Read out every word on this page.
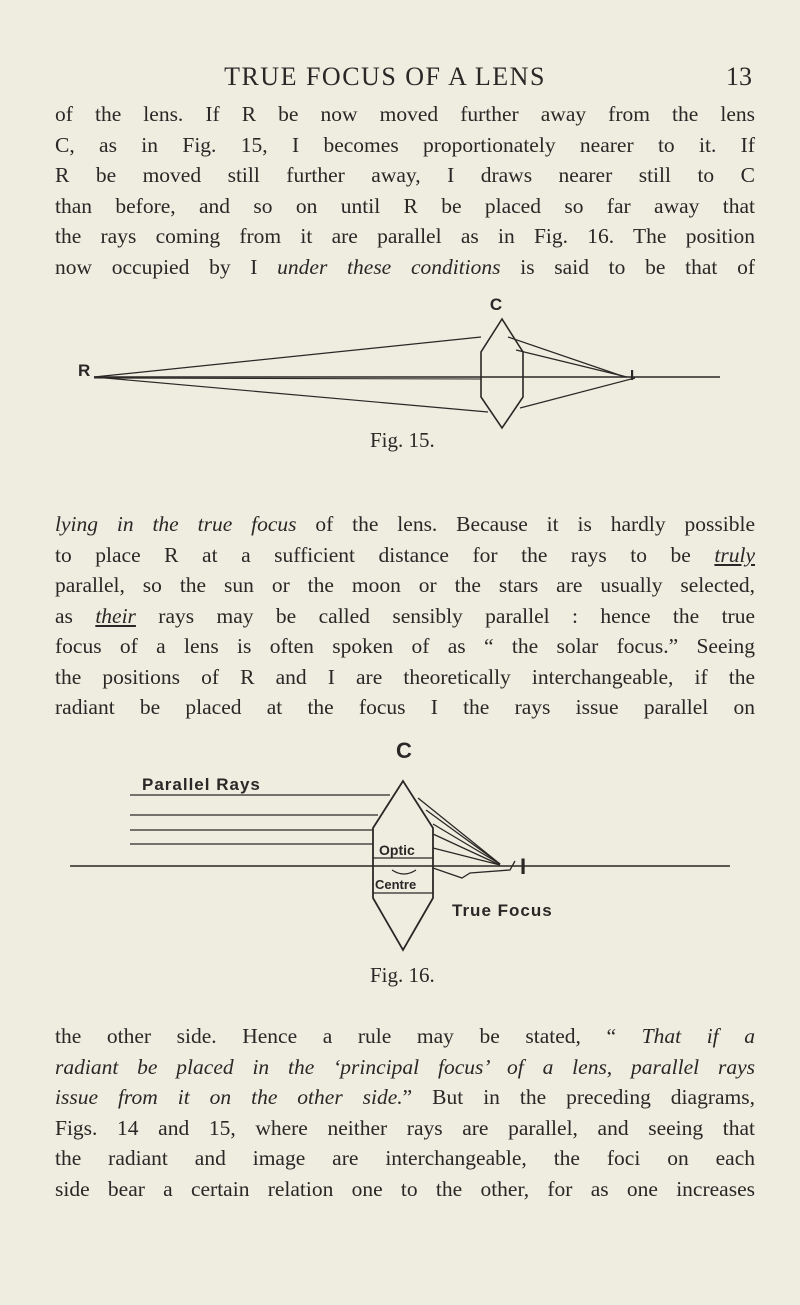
TRUE FOCUS OF A LENS	13
of the lens. If R be now moved further away from the lens
C, as in Fig. 15, I becomes proportionately nearer to it. If
R be moved still further away, I draws nearer still to C
than before, and so on until R be placed so far away that
the rays coming from it are parallel as in Fig. 16. The position
now occupied by I under these conditions is said to be that of
C
R	I
Fig. 15.
lying in the true focus of the lens. Because it is hardly possible
to place R at a sufficient distance for the rays to be truly
parallel, so the sun or the moon or the stars are usually selected,
as their rays may be called sensibly parallel : hence the true
focus of a lens is often spoken of as “ the solar focus.” Seeing
the positions of R and I are theoretically interchangeable, if the
radiant be placed at the focus I the rays issue parallel on
C
Parallel Rays
Optic
Centre
I
True Focus
Fig. 16.
the other side. Hence a rule may be stated, “ That if a
radiant be placed in the ‘principal focus’ of a lens, parallel rays
issue from it on the other side.” But in the preceding diagrams,
Figs. 14 and 15, where neither rays are parallel, and seeing that
the radiant and image are interchangeable, the foci on each
side bear a certain relation one to the other, for as one increases
